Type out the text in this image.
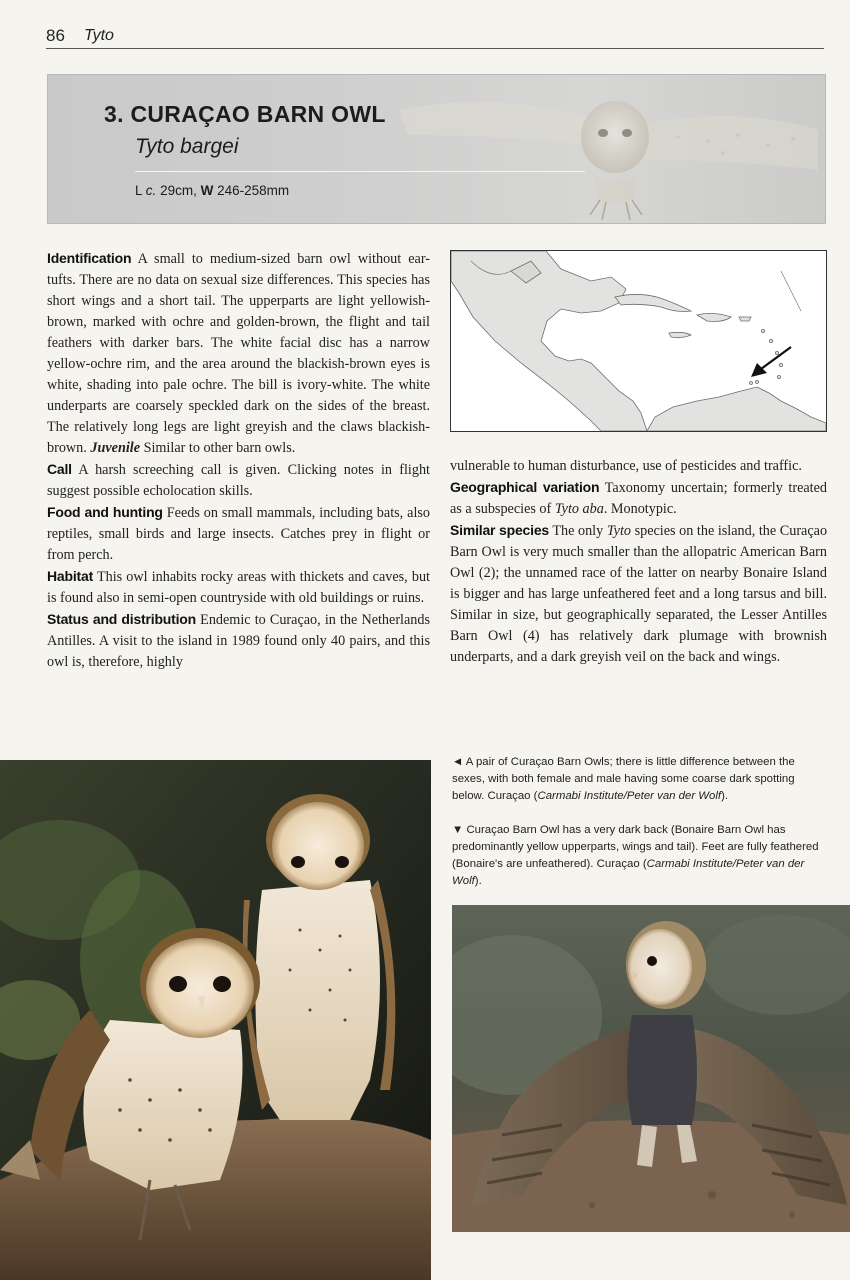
86 Tyto
3. CURAÇAO BARN OWL
Tyto bargei
L c. 29cm, W 246-258mm

Identification A small to medium-sized barn owl without ear-tufts. There are no data on sexual size differences. This species has short wings and a short tail. The upperparts are light yellowish-brown, marked with ochre and golden-brown, the flight and tail feathers with darker bars. The white facial disc has a narrow yellow-ochre rim, and the area around the blackish-brown eyes is white, shading into pale ochre. The bill is ivory-white. The white underparts are coarsely speckled dark on the sides of the breast. The relatively long legs are light greyish and the claws blackish-brown. Juvenile Similar to other barn owls.

Call A harsh screeching call is given. Clicking notes in flight suggest possible echolocation skills.

Food and hunting Feeds on small mammals, including bats, also reptiles, small birds and large insects. Catches prey in flight or from perch.

Habitat This owl inhabits rocky areas with thickets and caves, but is found also in semi-open countryside with old buildings or ruins.

Status and distribution Endemic to Curaçao, in the Netherlands Antilles. A visit to the island in 1989 found only 40 pairs, and this owl is, therefore, highly

vulnerable to human disturbance, use of pesticides and traffic.

Geographical variation Taxonomy uncertain; formerly treated as a subspecies of Tyto aba. Monotypic.

Similar species The only Tyto species on the island, the Curaçao Barn Owl is very much smaller than the allopatric American Barn Owl (2); the unnamed race of the latter on nearby Bonaire Island is bigger and has large unfeathered feet and a long tarsus and bill. Similar in size, but geographically separated, the Lesser Antilles Barn Owl (4) has relatively dark plumage with brownish underparts, and a dark greyish veil on the back and wings.

◄ A pair of Curaçao Barn Owls; there is little difference between the sexes, with both female and male having some coarse dark spotting below. Curaçao (Carmabi Institute/Peter van der Wolf).
▼ Curaçao Barn Owl has a very dark back (Bonaire Barn Owl has predominantly yellow upperparts, wings and tail). Feet are fully feathered (Bonaire's are unfeathered). Curaçao (Carmabi Institute/Peter van der Wolf).
